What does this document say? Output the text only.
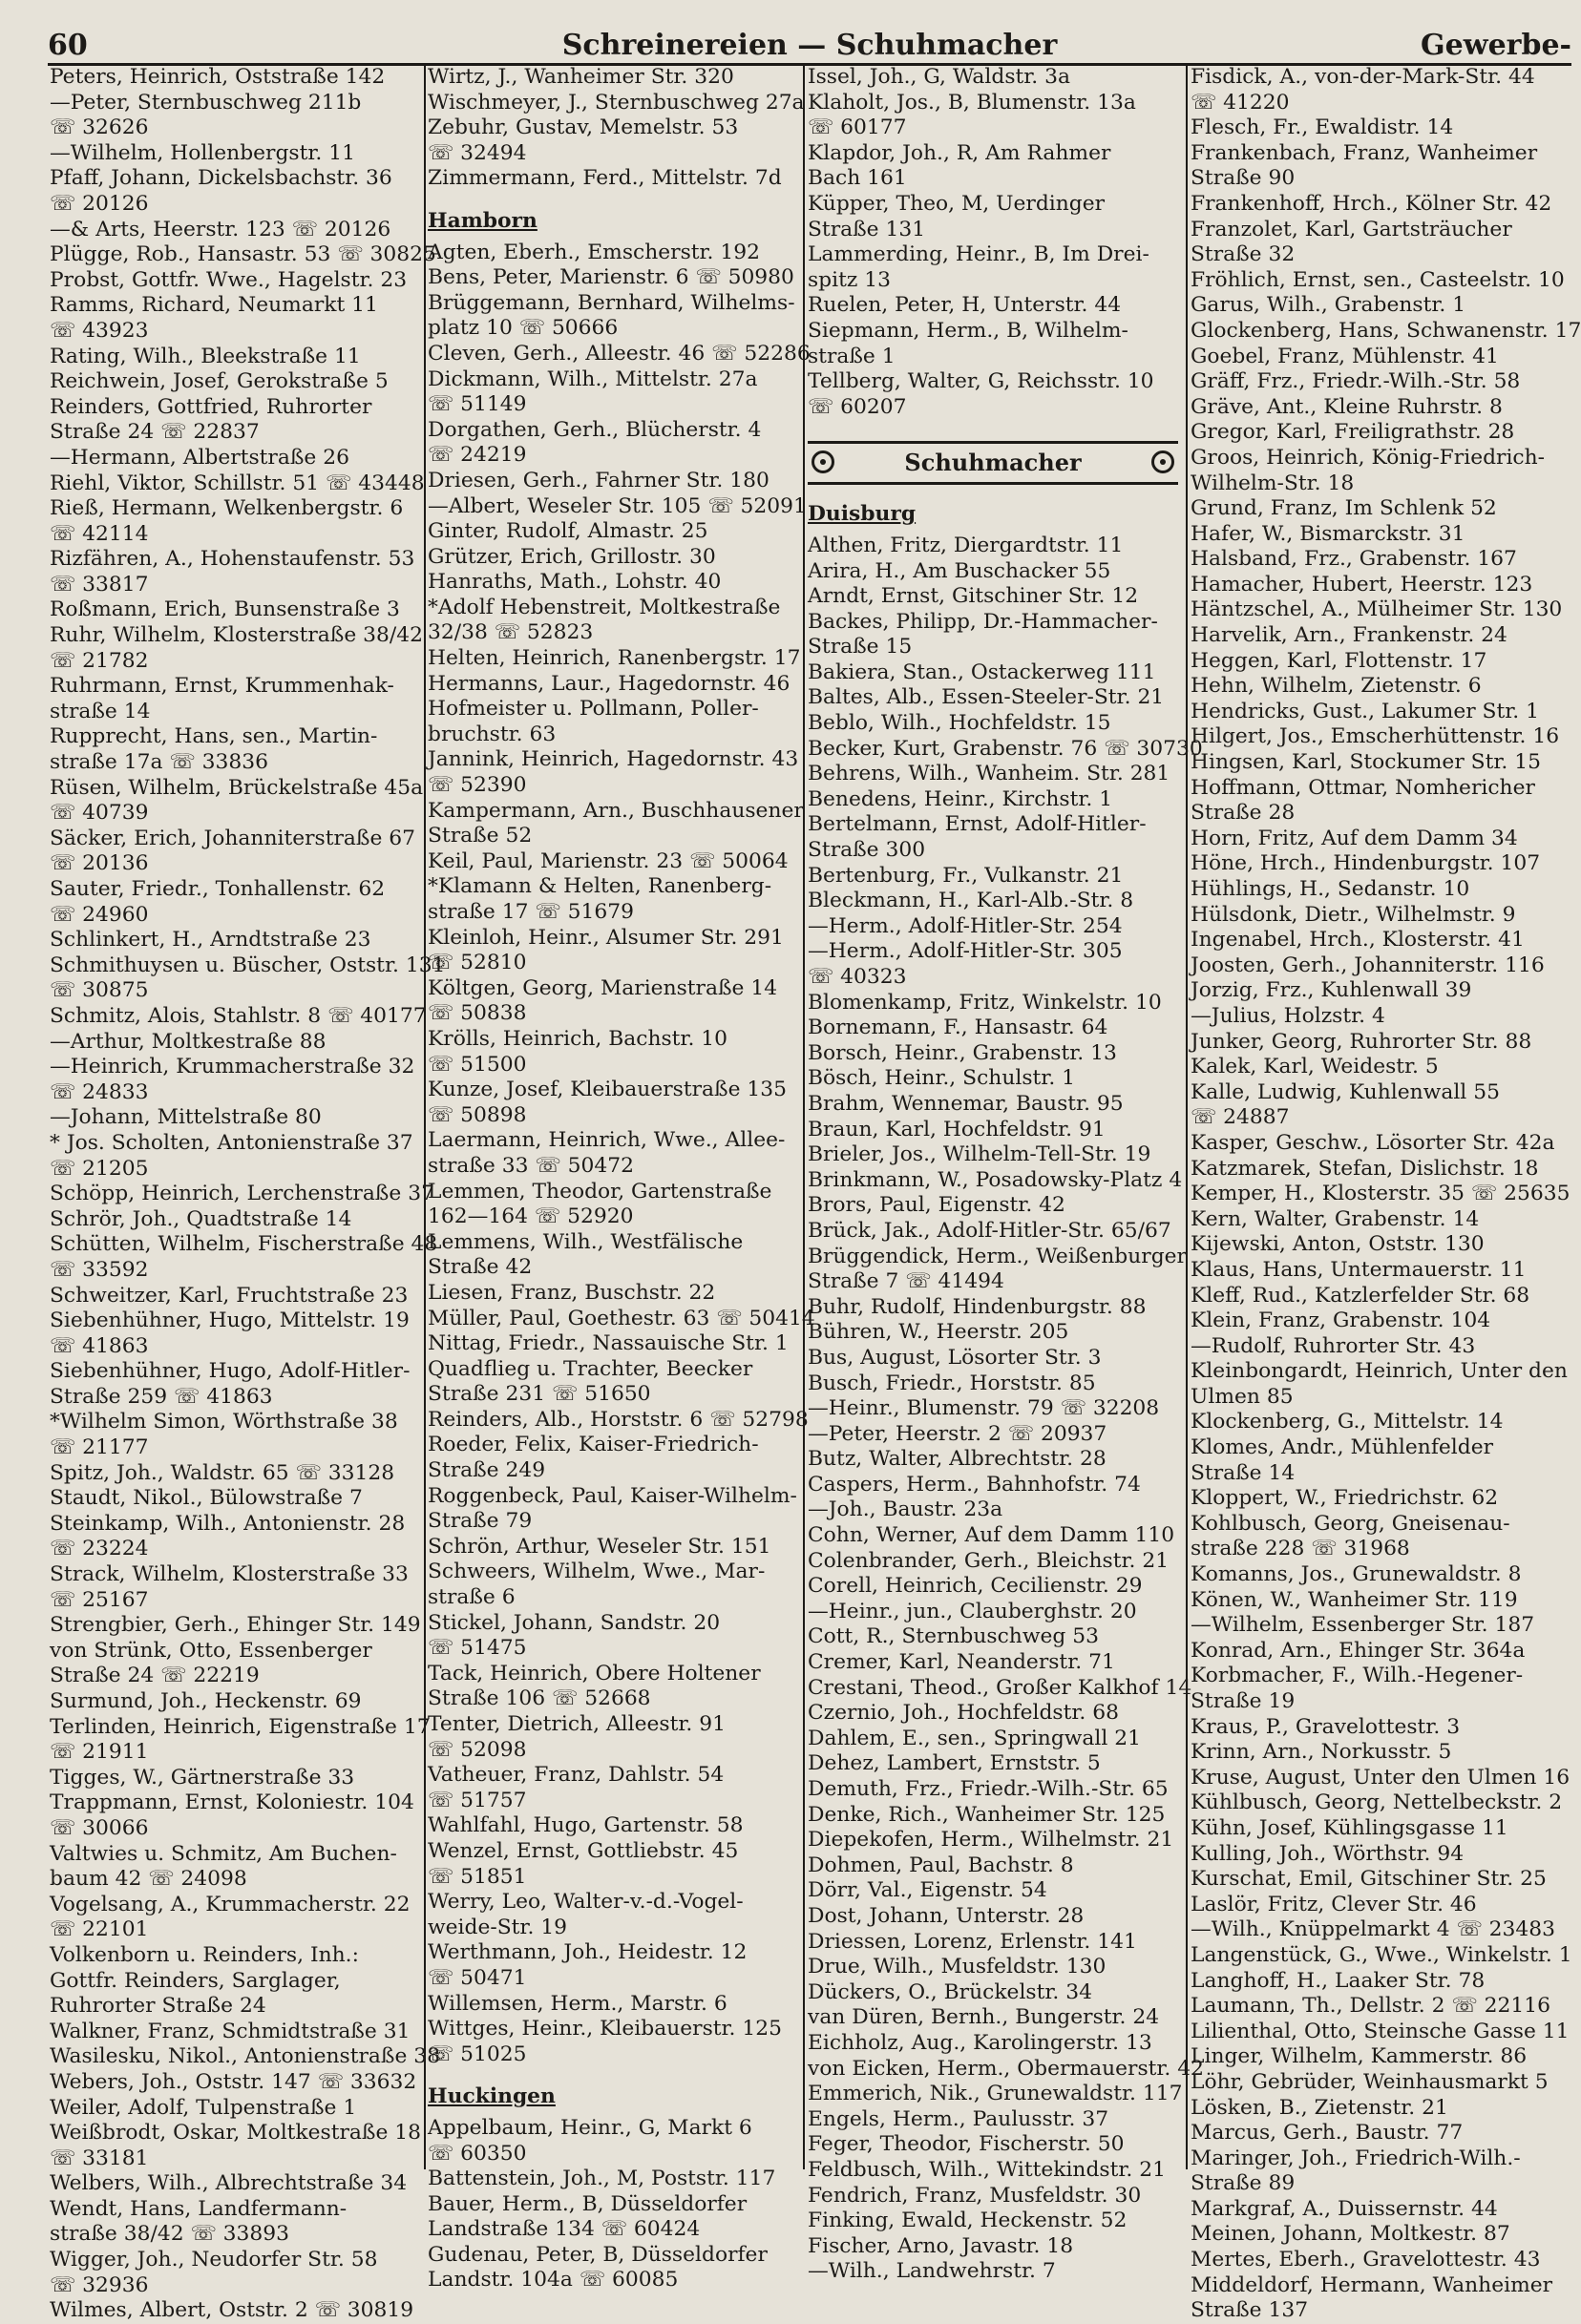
60	Schreinereien — Schuhmacher	Gewerbe-
Peters, Heinrich, Oststraße 142
—Peter, Sternbuschweg 211b
☏ 32626
—Wilhelm, Hollenbergstr. 11
Pfaff, Johann, Dickelsbachstr. 36
☏ 20126
—& Arts, Heerstr. 123 ☏ 20126
Plügge, Rob., Hansastr. 53 ☏ 30825
Probst, Gottfr. Wwe., Hagelstr. 23
Ramms, Richard, Neumarkt 11
☏ 43923
Rating, Wilh., Bleekstraße 11
Reichwein, Josef, Gerokstraße 5
Reinders, Gottfried, Ruhrorter
Straße 24 ☏ 22837
—Hermann, Albertstraße 26
Riehl, Viktor, Schillstr. 51 ☏ 43448
Rieß, Hermann, Welkenbergstr. 6
☏ 42114
Rizfähren, A., Hohenstaufenstr. 53
☏ 33817
Roßmann, Erich, Bunsenstraße 3
Ruhr, Wilhelm, Klosterstraße 38/42
☏ 21782
Ruhrmann, Ernst, Krummenhak-
straße 14
Rupprecht, Hans, sen., Martin-
straße 17a ☏ 33836
Rüsen, Wilhelm, Brückelstraße 45a
☏ 40739
Säcker, Erich, Johanniterstraße 67
☏ 20136
Sauter, Friedr., Tonhallenstr. 62
☏ 24960
Schlinkert, H., Arndtstraße 23
Schmithuysen u. Büscher, Oststr. 131
☏ 30875
Schmitz, Alois, Stahlstr. 8 ☏ 40177
—Arthur, Moltkestraße 88
—Heinrich, Krummacherstraße 32
☏ 24833
—Johann, Mittelstraße 80
* Jos. Scholten, Antonienstraße 37
☏ 21205
Schöpp, Heinrich, Lerchenstraße 37
Schrör, Joh., Quadtstraße 14
Schütten, Wilhelm, Fischerstraße 48
☏ 33592
Schweitzer, Karl, Fruchtstraße 23
Siebenhühner, Hugo, Mittelstr. 19
☏ 41863
Siebenhühner, Hugo, Adolf-Hitler-
Straße 259 ☏ 41863
*Wilhelm Simon, Wörthstraße 38
☏ 21177
Spitz, Joh., Waldstr. 65 ☏ 33128
Staudt, Nikol., Bülowstraße 7
Steinkamp, Wilh., Antonienstr. 28
☏ 23224
Strack, Wilhelm, Klosterstraße 33
☏ 25167
Strengbier, Gerh., Ehinger Str. 149
von Strünk, Otto, Essenberger
Straße 24 ☏ 22219
Surmund, Joh., Heckenstr. 69
Terlinden, Heinrich, Eigenstraße 17
☏ 21911
Tigges, W., Gärtnerstraße 33
Trappmann, Ernst, Koloniestr. 104
☏ 30066
Valtwies u. Schmitz, Am Buchen-
baum 42 ☏ 24098
Vogelsang, A., Krummacherstr. 22
☏ 22101
Volkenborn u. Reinders, Inh.:
Gottfr. Reinders, Sarglager,
Ruhrorter Straße 24
Walkner, Franz, Schmidtstraße 31
Wasilesku, Nikol., Antonienstraße 38
Webers, Joh., Oststr. 147 ☏ 33632
Weiler, Adolf, Tulpenstraße 1
Weißbrodt, Oskar, Moltkestraße 18
☏ 33181
Welbers, Wilh., Albrechtstraße 34
Wendt, Hans, Landfermann-
straße 38/42 ☏ 33893
Wigger, Joh., Neudorfer Str. 58
☏ 32936
Wilmes, Albert, Oststr. 2 ☏ 30819
Wirtz, J., Wanheimer Str. 320
Wischmeyer, J., Sternbuschweg 27a
Zebuhr, Gustav, Memelstr. 53
☏ 32494
Zimmermann, Ferd., Mittelstr. 7d
Hamborn
Agten, Eberh., Emscherstr. 192
Bens, Peter, Marienstr. 6 ☏ 50980
Brüggemann, Bernhard, Wilhelms-
platz 10 ☏ 50666
Cleven, Gerh., Alleestr. 46 ☏ 52286
Dickmann, Wilh., Mittelstr. 27a
☏ 51149
Dorgathen, Gerh., Blücherstr. 4
☏ 24219
Driesen, Gerh., Fahrner Str. 180
—Albert, Weseler Str. 105 ☏ 52091
Ginter, Rudolf, Almastr. 25
Grützer, Erich, Grillostr. 30
Hanraths, Math., Lohstr. 40
*Adolf Hebenstreit, Moltkestraße
32/38 ☏ 52823
Helten, Heinrich, Ranenbergstr. 17
Hermanns, Laur., Hagedornstr. 46
Hofmeister u. Pollmann, Poller-
bruchstr. 63
Jannink, Heinrich, Hagedornstr. 43
☏ 52390
Kampermann, Arn., Buschhausener
Straße 52
Keil, Paul, Marienstr. 23 ☏ 50064
*Klamann & Helten, Ranenberg-
straße 17 ☏ 51679
Kleinloh, Heinr., Alsumer Str. 291
☏ 52810
Költgen, Georg, Marienstraße 14
☏ 50838
Krölls, Heinrich, Bachstr. 10
☏ 51500
Kunze, Josef, Kleibauerstraße 135
☏ 50898
Laermann, Heinrich, Wwe., Allee-
straße 33 ☏ 50472
Lemmen, Theodor, Gartenstraße
162—164 ☏ 52920
Lemmens, Wilh., Westfälische
Straße 42
Liesen, Franz, Buschstr. 22
Müller, Paul, Goethestr. 63 ☏ 50414
Nittag, Friedr., Nassauische Str. 1
Quadflieg u. Trachter, Beecker
Straße 231 ☏ 51650
Reinders, Alb., Horststr. 6 ☏ 52798
Roeder, Felix, Kaiser-Friedrich-
Straße 249
Roggenbeck, Paul, Kaiser-Wilhelm-
Straße 79
Schrön, Arthur, Weseler Str. 151
Schweers, Wilhelm, Wwe., Mar-
straße 6
Stickel, Johann, Sandstr. 20
☏ 51475
Tack, Heinrich, Obere Holtener
Straße 106 ☏ 52668
Tenter, Dietrich, Alleestr. 91
☏ 52098
Vatheuer, Franz, Dahlstr. 54
☏ 51757
Wahlfahl, Hugo, Gartenstr. 58
Wenzel, Ernst, Gottliebstr. 45
☏ 51851
Werry, Leo, Walter-v.-d.-Vogel-
weide-Str. 19
Werthmann, Joh., Heidestr. 12
☏ 50471
Willemsen, Herm., Marstr. 6
Wittges, Heinr., Kleibauerstr. 125
☏ 51025
Huckingen
Appelbaum, Heinr., G, Markt 6
☏ 60350
Battenstein, Joh., M, Poststr. 117
Bauer, Herm., B, Düsseldorfer
Landstraße 134 ☏ 60424
Gudenau, Peter, B, Düsseldorfer
Landstr. 104a ☏ 60085
Issel, Joh., G, Waldstr. 3a
Klaholt, Jos., B, Blumenstr. 13a
☏ 60177
Klapdor, Joh., R, Am Rahmer
Bach 161
Küpper, Theo, M, Uerdinger
Straße 131
Lammerding, Heinr., B, Im Drei-
spitz 13
Ruelen, Peter, H, Unterstr. 44
Siepmann, Herm., B, Wilhelm-
straße 1
Tellberg, Walter, G, Reichsstr. 10
☏ 60207
Schuhmacher
Duisburg
Althen, Fritz, Diergardtstr. 11
Arira, H., Am Buschacker 55
Arndt, Ernst, Gitschiner Str. 12
Backes, Philipp, Dr.-Hammacher-
Straße 15
Bakiera, Stan., Ostackerweg 111
Baltes, Alb., Essen-Steeler-Str. 21
Beblo, Wilh., Hochfeldstr. 15
Becker, Kurt, Grabenstr. 76 ☏ 30730
Behrens, Wilh., Wanheim. Str. 281
Benedens, Heinr., Kirchstr. 1
Bertelmann, Ernst, Adolf-Hitler-
Straße 300
Bertenburg, Fr., Vulkanstr. 21
Bleckmann, H., Karl-Alb.-Str. 8
—Herm., Adolf-Hitler-Str. 254
—Herm., Adolf-Hitler-Str. 305
☏ 40323
Blomenkamp, Fritz, Winkelstr. 10
Bornemann, F., Hansastr. 64
Borsch, Heinr., Grabenstr. 13
Bösch, Heinr., Schulstr. 1
Brahm, Wennemar, Baustr. 95
Braun, Karl, Hochfeldstr. 91
Brieler, Jos., Wilhelm-Tell-Str. 19
Brinkmann, W., Posadowsky-Platz 4
Brors, Paul, Eigenstr. 42
Brück, Jak., Adolf-Hitler-Str. 65/67
Brüggendick, Herm., Weißenburger
Straße 7 ☏ 41494
Buhr, Rudolf, Hindenburgstr. 88
Bühren, W., Heerstr. 205
Bus, August, Lösorter Str. 3
Busch, Friedr., Horststr. 85
—Heinr., Blumenstr. 79 ☏ 32208
—Peter, Heerstr. 2 ☏ 20937
Butz, Walter, Albrechtstr. 28
Caspers, Herm., Bahnhofstr. 74
—Joh., Baustr. 23a
Cohn, Werner, Auf dem Damm 110
Colenbrander, Gerh., Bleichstr. 21
Corell, Heinrich, Cecilienstr. 29
—Heinr., jun., Clauberghstr. 20
Cott, R., Sternbuschweg 53
Cremer, Karl, Neanderstr. 71
Crestani, Theod., Großer Kalkhof 14
Czernio, Joh., Hochfeldstr. 68
Dahlem, E., sen., Springwall 21
Dehez, Lambert, Ernststr. 5
Demuth, Frz., Friedr.-Wilh.-Str. 65
Denke, Rich., Wanheimer Str. 125
Diepekofen, Herm., Wilhelmstr. 21
Dohmen, Paul, Bachstr. 8
Dörr, Val., Eigenstr. 54
Dost, Johann, Unterstr. 28
Driessen, Lorenz, Erlenstr. 141
Drue, Wilh., Musfeldstr. 130
Dückers, O., Brückelstr. 34
van Düren, Bernh., Bungerstr. 24
Eichholz, Aug., Karolingerstr. 13
von Eicken, Herm., Obermauerstr. 42
Emmerich, Nik., Grunewaldstr. 117
Engels, Herm., Paulusstr. 37
Feger, Theodor, Fischerstr. 50
Feldbusch, Wilh., Wittekindstr. 21
Fendrich, Franz, Musfeldstr. 30
Finking, Ewald, Heckenstr. 52
Fischer, Arno, Javastr. 18
—Wilh., Landwehrstr. 7
Fisdick, A., von-der-Mark-Str. 44
☏ 41220
Flesch, Fr., Ewaldistr. 14
Frankenbach, Franz, Wanheimer
Straße 90
Frankenhoff, Hrch., Kölner Str. 42
Franzolet, Karl, Gartsträucher
Straße 32
Fröhlich, Ernst, sen., Casteelstr. 10
Garus, Wilh., Grabenstr. 1
Glockenberg, Hans, Schwanenstr. 17
Goebel, Franz, Mühlenstr. 41
Gräff, Frz., Friedr.-Wilh.-Str. 58
Gräve, Ant., Kleine Ruhrstr. 8
Gregor, Karl, Freiligrathstr. 28
Groos, Heinrich, König-Friedrich-
Wilhelm-Str. 18
Grund, Franz, Im Schlenk 52
Hafer, W., Bismarckstr. 31
Halsband, Frz., Grabenstr. 167
Hamacher, Hubert, Heerstr. 123
Häntzschel, A., Mülheimer Str. 130
Harvelik, Arn., Frankenstr. 24
Heggen, Karl, Flottenstr. 17
Hehn, Wilhelm, Zietenstr. 6
Hendricks, Gust., Lakumer Str. 1
Hilgert, Jos., Emscherhüttenstr. 16
Hingsen, Karl, Stockumer Str. 15
Hoffmann, Ottmar, Nomhericher
Straße 28
Horn, Fritz, Auf dem Damm 34
Höne, Hrch., Hindenburgstr. 107
Hühlings, H., Sedanstr. 10
Hülsdonk, Dietr., Wilhelmstr. 9
Ingenabel, Hrch., Klosterstr. 41
Joosten, Gerh., Johanniterstr. 116
Jorzig, Frz., Kuhlenwall 39
—Julius, Holzstr. 4
Junker, Georg, Ruhrorter Str. 88
Kalek, Karl, Weidestr. 5
Kalle, Ludwig, Kuhlenwall 55
☏ 24887
Kasper, Geschw., Lösorter Str. 42a
Katzmarek, Stefan, Dislichstr. 18
Kemper, H., Klosterstr. 35 ☏ 25635
Kern, Walter, Grabenstr. 14
Kijewski, Anton, Oststr. 130
Klaus, Hans, Untermauerstr. 11
Kleff, Rud., Katzlerfelder Str. 68
Klein, Franz, Grabenstr. 104
—Rudolf, Ruhrorter Str. 43
Kleinbongardt, Heinrich, Unter den
Ulmen 85
Klockenberg, G., Mittelstr. 14
Klomes, Andr., Mühlenfelder
Straße 14
Kloppert, W., Friedrichstr. 62
Kohlbusch, Georg, Gneisenau-
straße 228 ☏ 31968
Komanns, Jos., Grunewaldstr. 8
Könen, W., Wanheimer Str. 119
—Wilhelm, Essenberger Str. 187
Konrad, Arn., Ehinger Str. 364a
Korbmacher, F., Wilh.-Hegener-
Straße 19
Kraus, P., Gravelottestr. 3
Krinn, Arn., Norkusstr. 5
Kruse, August, Unter den Ulmen 16
Kühlbusch, Georg, Nettelbeckstr. 2
Kühn, Josef, Kühlingsgasse 11
Kulling, Joh., Wörthstr. 94
Kurschat, Emil, Gitschiner Str. 25
Laslör, Fritz, Clever Str. 46
—Wilh., Knüppelmarkt 4 ☏ 23483
Langenstück, G., Wwe., Winkelstr. 1
Langhoff, H., Laaker Str. 78
Laumann, Th., Dellstr. 2 ☏ 22116
Lilienthal, Otto, Steinsche Gasse 11
Linger, Wilhelm, Kammerstr. 86
Löhr, Gebrüder, Weinhausmarkt 5
Lösken, B., Zietenstr. 21
Marcus, Gerh., Baustr. 77
Maringer, Joh., Friedrich-Wilh.-
Straße 89
Markgraf, A., Duissernstr. 44
Meinen, Johann, Moltkestr. 87
Mertes, Eberh., Gravelottestr. 43
Middeldorf, Hermann, Wanheimer
Straße 137
